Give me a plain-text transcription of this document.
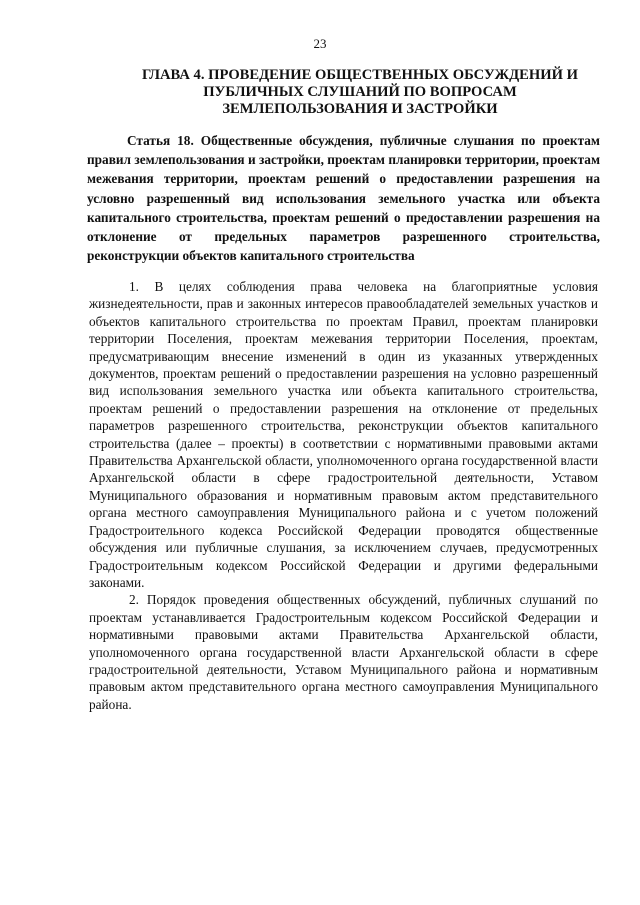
23
ГЛАВА 4. ПРОВЕДЕНИЕ ОБЩЕСТВЕННЫХ ОБСУЖДЕНИЙ И ПУБЛИЧНЫХ СЛУШАНИЙ ПО ВОПРОСАМ ЗЕМЛЕПОЛЬЗОВАНИЯ И ЗАСТРОЙКИ
Статья 18. Общественные обсуждения, публичные слушания по проектам правил землепользования и застройки, проектам планировки территории, проектам межевания территории, проектам решений о предоставлении разрешения на условно разрешенный вид использования земельного участка или объекта капитального строительства, проектам решений о предоставлении разрешения на отклонение от предельных параметров разрешенного строительства, реконструкции объектов капитального строительства

1. В целях соблюдения права человека на благоприятные условия жизнедеятельности, прав и законных интересов правообладателей земельных участков и объектов капитального строительства по проектам Правил, проектам планировки территории Поселения, проектам межевания территории Поселения, проектам, предусматривающим внесение изменений в один из указанных утвержденных документов, проектам решений о предоставлении разрешения на условно разрешенный вид использования земельного участка или объекта капитального строительства, проектам решений о предоставлении разрешения на отклонение от предельных параметров разрешенного строительства, реконструкции объектов капитального строительства (далее – проекты) в соответствии с нормативными правовыми актами Правительства Архангельской области, уполномоченного органа государственной власти Архангельской области в сфере градостроительной деятельности, Уставом Муниципального образования и нормативным правовым актом представительного органа местного самоуправления Муниципального района и с учетом положений Градостроительного кодекса Российской Федерации проводятся общественные обсуждения или публичные слушания, за исключением случаев, предусмотренных Градостроительным кодексом Российской Федерации и другими федеральными законами.

2. Порядок проведения общественных обсуждений, публичных слушаний по проектам устанавливается Градостроительным кодексом Российской Федерации и нормативными правовыми актами Правительства Архангельской области, уполномоченного органа государственной власти Архангельской области в сфере градостроительной деятельности, Уставом Муниципального района и нормативным правовым актом представительного органа местного самоуправления Муниципального района.
